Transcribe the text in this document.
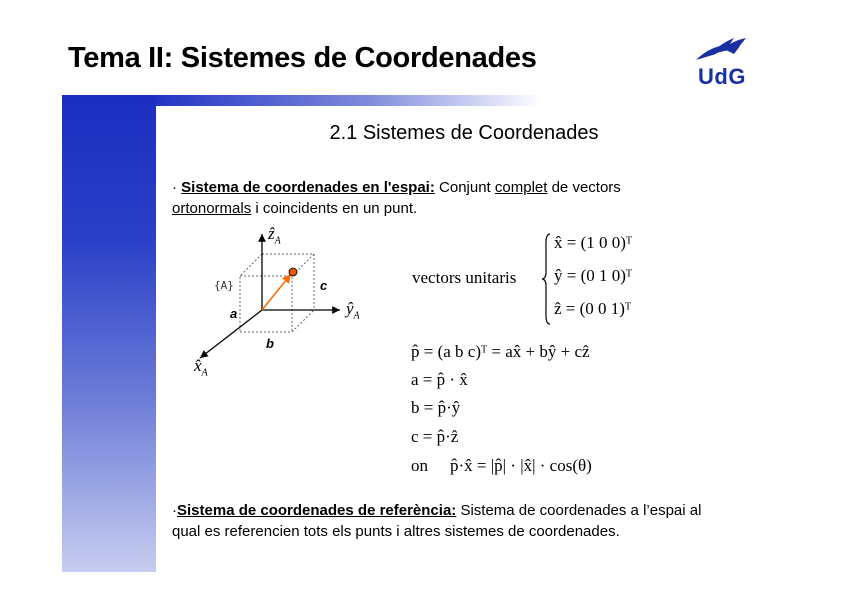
Tema II: Sistemes de Coordenades
UdG
2.1 Sistemes de Coordenades
· Sistema de coordenades en l'espai: Conjunt complet de vectors
ortonormals i coincidents en un punt.
ẑ$_A$
$ŷ_A$
$x̂_A$
{A}
a
b
c	vectors unitaris
x̂ = (1 0 0)ᵀ
ŷ = (0 1 0)ᵀ
ẑ = (0 0 1)ᵀ
p̂ = (a b c)ᵀ = ax̂ + bŷ + cẑ
a = p̂ · x̂
b = p̂·ŷ
c = p̂·ẑ
on p̂·x̂ = |p̂| · |x̂| · cos(θ)
·Sistema de coordenades de referència: Sistema de coordenades a l’espai al qual es referencien tots els punts i altres sistemes de coordenades.
